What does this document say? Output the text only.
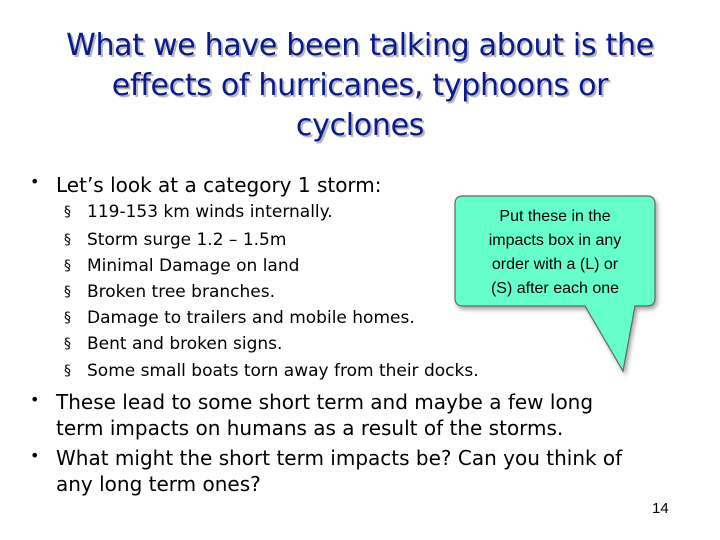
What we have been talking about is the
effects of hurricanes, typhoons or
cyclones
• Let’s look at a category 1 storm:
§ 119-153 km winds internally.
§ Storm surge 1.2 – 1.5m
§ Minimal Damage on land
§ Broken tree branches.
§ Damage to trailers and mobile homes.
§ Bent and broken signs.
§ Some small boats torn away from their docks.
Put these in the
impacts box in any
order with a (L) or
(S) after each one
• These lead to some short term and maybe a few long
term impacts on humans as a result of the storms.
• What might the short term impacts be? Can you think of
any long term ones?
14
